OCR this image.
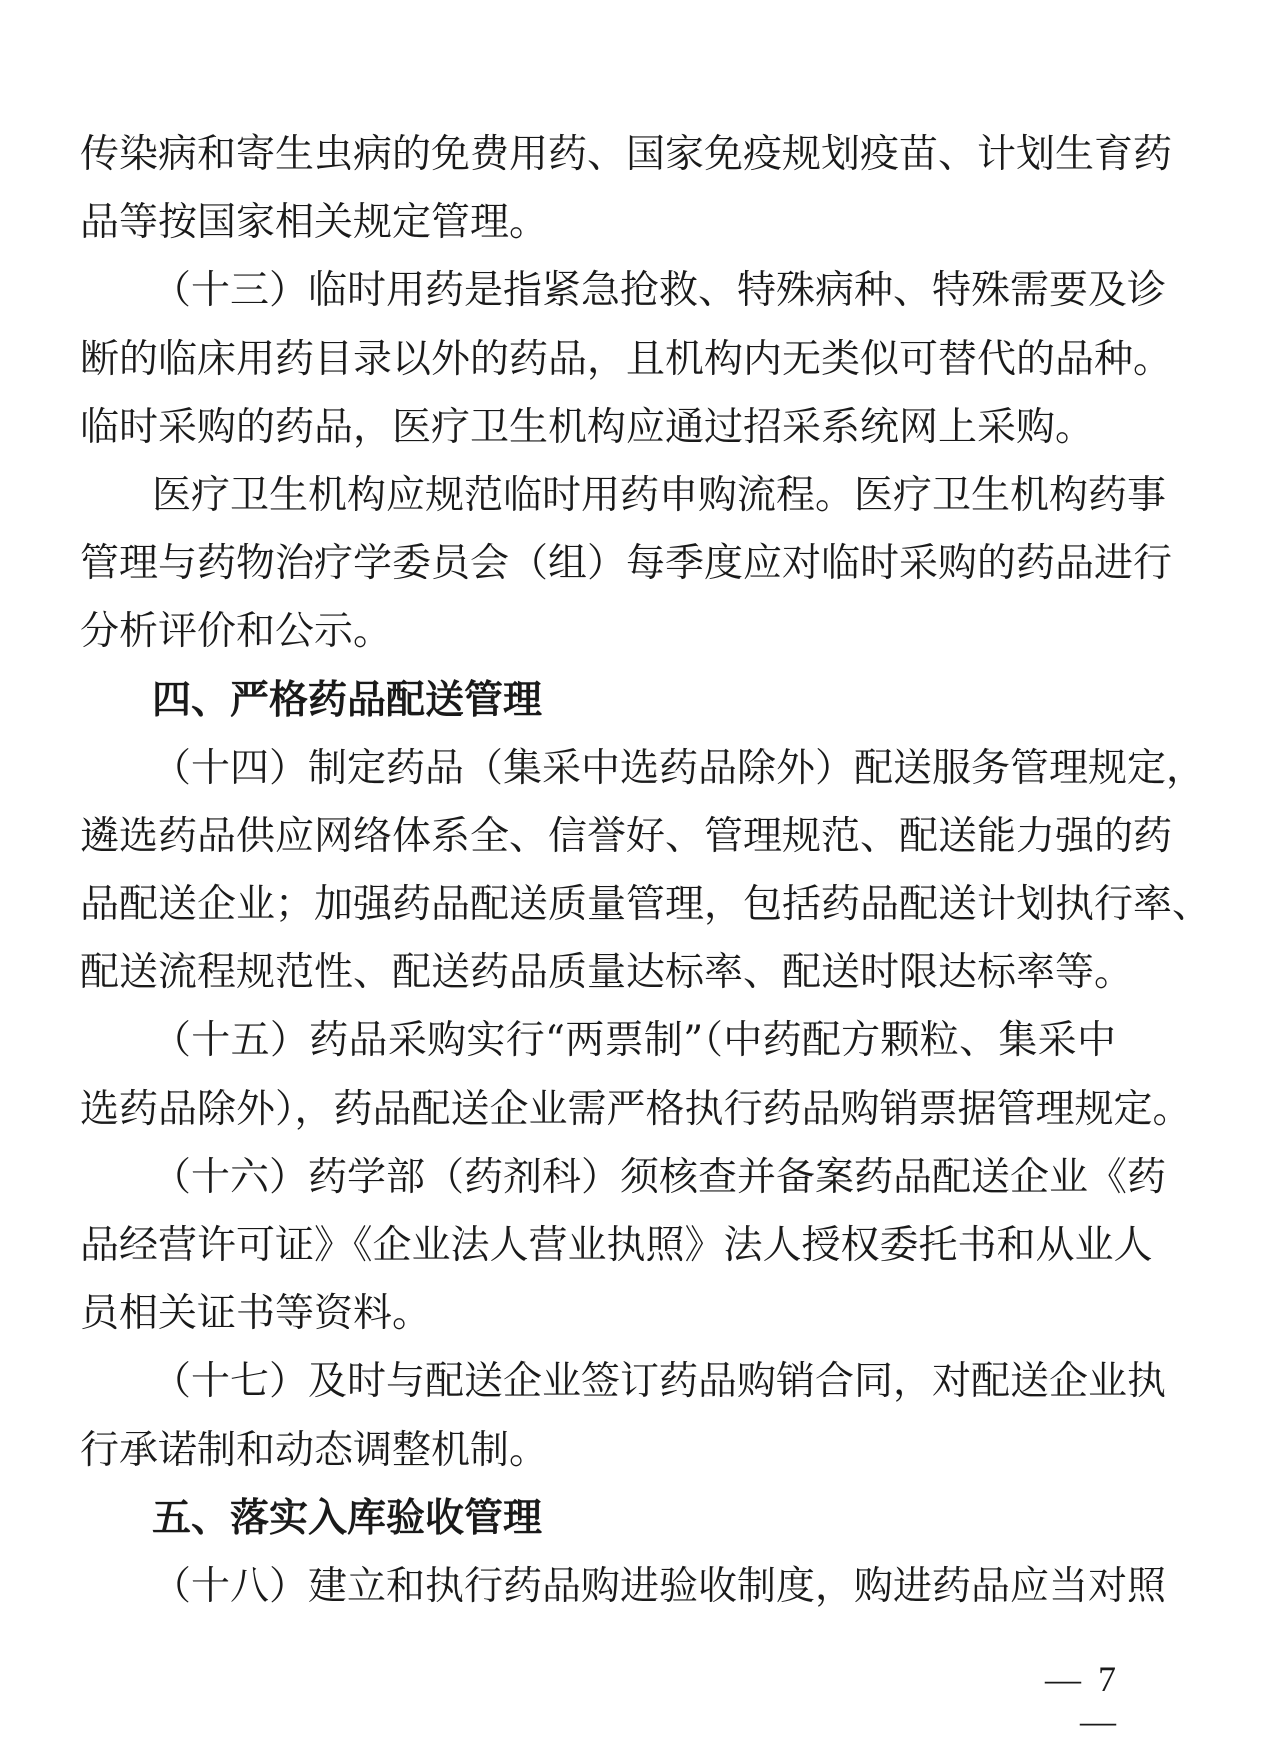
传染病和寄生虫病的免费用药、国家免疫规划疫苗、计划生育药
品等按国家相关规定管理。
（十三）临时用药是指紧急抢救、特殊病种、特殊需要及诊
断的临床用药目录以外的药品，且机构内无类似可替代的品种。
临时采购的药品，医疗卫生机构应通过招采系统网上采购。
医疗卫生机构应规范临时用药申购流程。医疗卫生机构药事
管理与药物治疗学委员会（组）每季度应对临时采购的药品进行
分析评价和公示。
四、严格药品配送管理
（十四）制定药品（集采中选药品除外）配送服务管理规定，
遴选药品供应网络体系全、信誉好、管理规范、配送能力强的药
品配送企业；加强药品配送质量管理，包括药品配送计划执行率、
配送流程规范性、配送药品质量达标率、配送时限达标率等。
（十五）药品采购实行“两票制”（中药配方颗粒、集采中
选药品除外），药品配送企业需严格执行药品购销票据管理规定。
（十六）药学部（药剂科）须核查并备案药品配送企业《药
品经营许可证》《企业法人营业执照》法人授权委托书和从业人
员相关证书等资料。
（十七）及时与配送企业签订药品购销合同，对配送企业执
行承诺制和动态调整机制。
五、落实入库验收管理
（十八）建立和执行药品购进验收制度，购进药品应当对照
— 7 —
